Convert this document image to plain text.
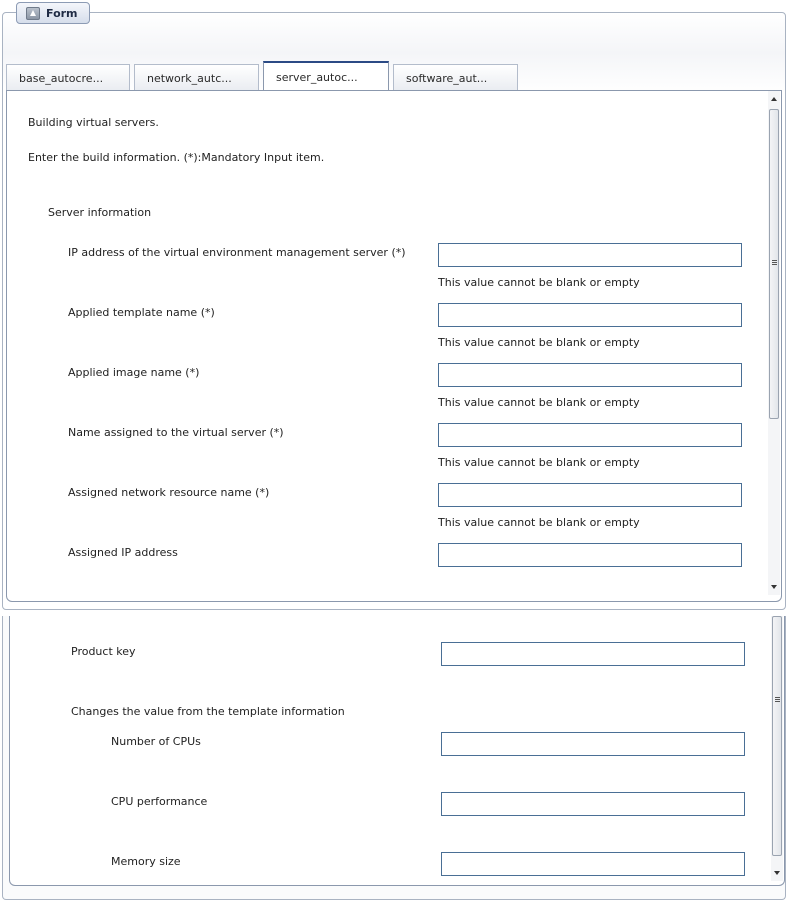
Form
base_autocre...	network_autc...	server_autoc...	software_aut...
Building virtual servers.
Enter the build information. (*):Mandatory Input item.
Server information
IP address of the virtual environment management server (*)
This value cannot be blank or empty
Applied template name (*)
This value cannot be blank or empty
Applied image name (*)
This value cannot be blank or empty
Name assigned to the virtual server (*)
This value cannot be blank or empty
Assigned network resource name (*)
This value cannot be blank or empty
Assigned IP address
Product key
Changes the value from the template information
Number of CPUs
CPU performance
Memory size
